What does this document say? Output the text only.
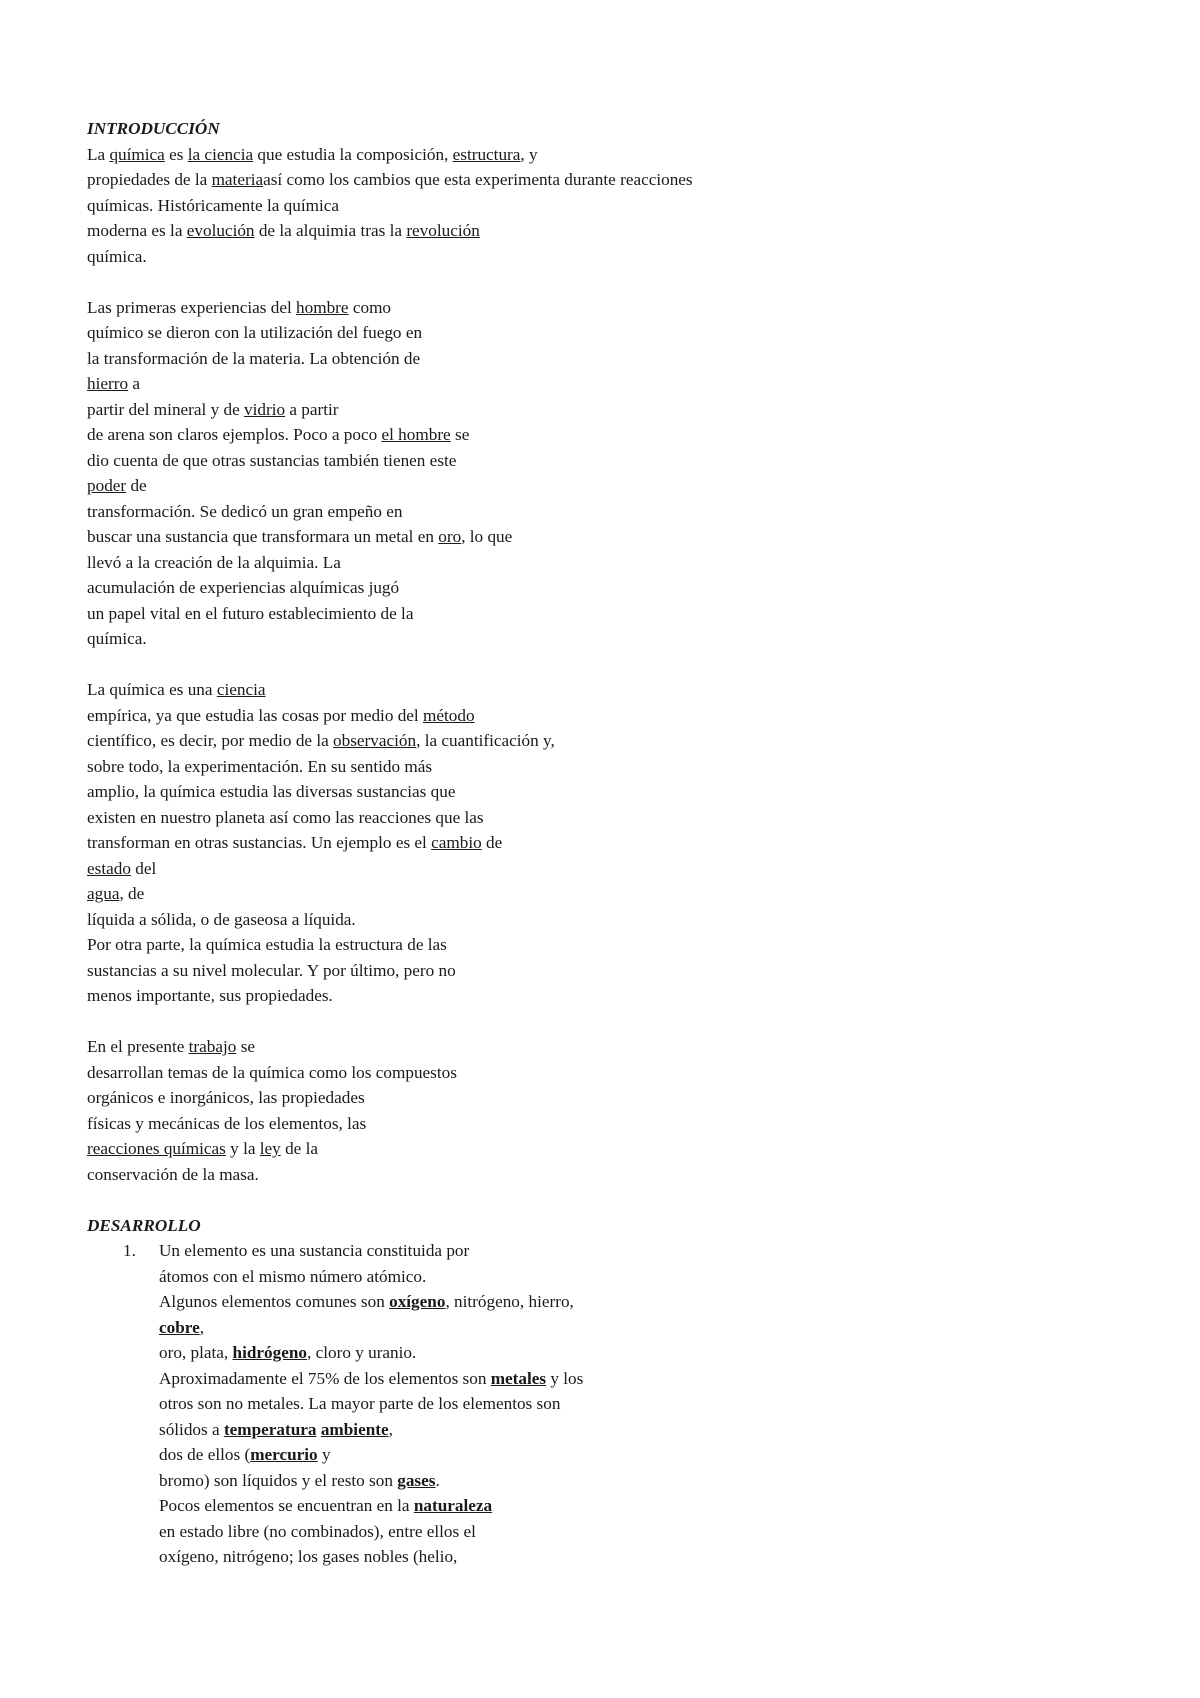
INTRODUCCIÓN
La química es la ciencia que estudia la composición, estructura, y
propiedades de la materiaasí como los cambios que esta experimenta durante reacciones
químicas. Históricamente la química
moderna es la evolución de la alquimia tras la revolución
química.
Las primeras experiencias del hombre como
químico se dieron con la utilización del fuego en
la transformación de la materia. La obtención de
hierro a
partir del mineral y de vidrio a partir
de arena son claros ejemplos. Poco a poco el hombre se
dio cuenta de que otras sustancias también tienen este
poder de
transformación. Se dedicó un gran empeño en
buscar una sustancia que transformara un metal en oro, lo que
llevó a la creación de la alquimia. La
acumulación de experiencias alquímicas jugó
un papel vital en el futuro establecimiento de la
química.
La química es una ciencia
empírica, ya que estudia las cosas por medio del método
científico, es decir, por medio de la observación, la cuantificación y,
sobre todo, la experimentación. En su sentido más
amplio, la química estudia las diversas sustancias que
existen en nuestro planeta así como las reacciones que las
transforman en otras sustancias. Un ejemplo es el cambio de
estado del
agua, de
líquida a sólida, o de gaseosa a líquida.
Por otra parte, la química estudia la estructura de las
sustancias a su nivel molecular. Y por último, pero no
menos importante, sus propiedades.
En el presente trabajo se
desarrollan temas de la química como los compuestos
orgánicos e inorgánicos, las propiedades
físicas y mecánicas de los elementos, las
reacciones químicas y la ley de la
conservación de la masa.
DESARROLLO
1. Un elemento es una sustancia constituida por
átomos con el mismo número atómico.
Algunos elementos comunes son oxígeno, nitrógeno, hierro,
cobre,
oro, plata, hidrógeno, cloro y uranio.
Aproximadamente el 75% de los elementos son metales y los
otros son no metales. La mayor parte de los elementos son
sólidos a temperatura ambiente,
dos de ellos (mercurio y
bromo) son líquidos y el resto son gases.
Pocos elementos se encuentran en la naturaleza
en estado libre (no combinados), entre ellos el
oxígeno, nitrógeno; los gases nobles (helio,
